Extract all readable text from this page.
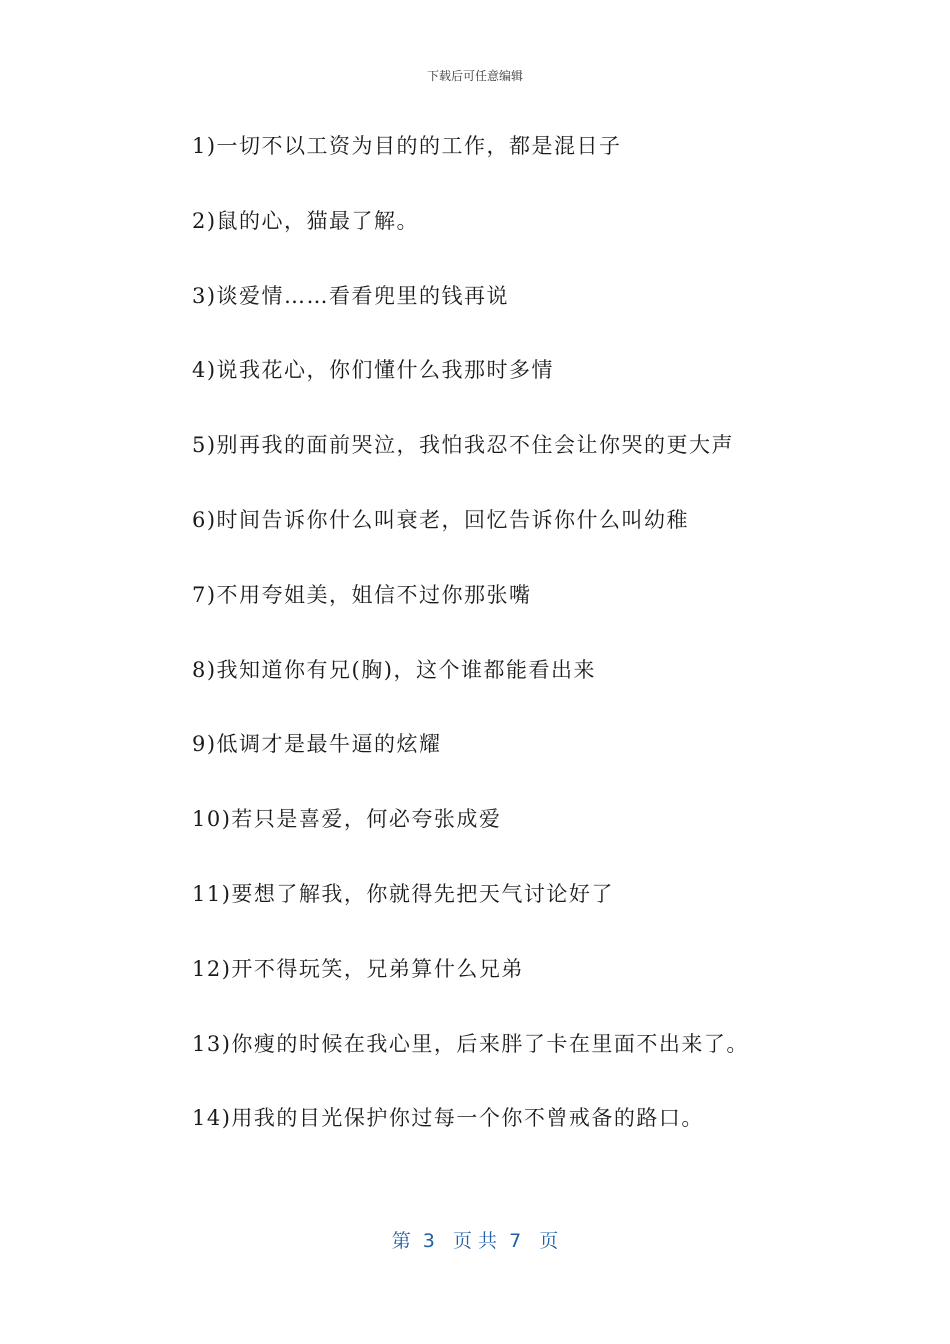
下载后可任意编辑
1)一切不以工资为目的的工作，都是混日子
2)鼠的心，猫最了解。
3)谈爱情……看看兜里的钱再说
4)说我花心，你们懂什么我那时多情
5)别再我的面前哭泣，我怕我忍不住会让你哭的更大声
6)时间告诉你什么叫衰老，回忆告诉你什么叫幼稚
7)不用夸姐美，姐信不过你那张嘴
8)我知道你有兄(胸)，这个谁都能看出来
9)低调才是最牛逼的炫耀
10)若只是喜爱，何必夸张成爱
11)要想了解我，你就得先把天气讨论好了
12)开不得玩笑，兄弟算什么兄弟
13)你瘦的时候在我心里，后来胖了卡在里面不出来了。
14)用我的目光保护你过每一个你不曾戒备的路口。
第  3   页 共  7   页
